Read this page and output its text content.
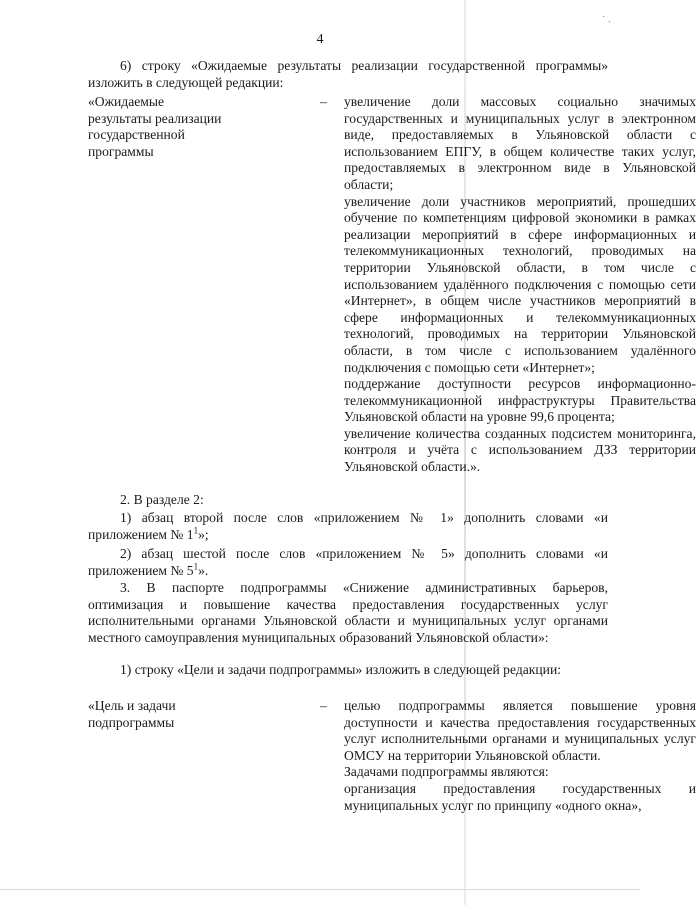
· ˎ
4
6) строку «Ожидаемые результаты реализации государственной программы» изложить в следующей редакции:
«Ожидаемые результаты реализации государственной программы
– увеличение доли массовых социально значимых государственных и муниципальных услуг в электронном виде, предоставляемых в Ульяновской области с использованием ЕПГУ, в общем количестве таких услуг, предоставляемых в электронном виде в Ульяновской области;

увеличение доли участников мероприятий, прошедших обучение по компетенциям цифровой экономики в рамках реализации мероприятий в сфере информационных и телекоммуникационных технологий, проводимых на территории Ульяновской области, в том числе с использованием удалённого подключения с помощью сети «Интернет», в общем числе участников мероприятий в сфере информационных и телекоммуникационных технологий, проводимых на территории Ульяновской области, в том числе с использованием удалённого подключения с помощью сети «Интернет»;

поддержание доступности ресурсов информационно-телекоммуникационной инфраструктуры Правительства Ульяновской области на уровне 99,6 процента;

увеличение количества созданных подсистем мониторинга, контроля и учёта с использованием ДЗЗ территории Ульяновской области.».

2. В разделе 2:
1) абзац второй после слов «приложением № 1» дополнить словами «и приложением № $1^1$»;
2) абзац шестой после слов «приложением № 5» дополнить словами «и приложением № $5^1$».
3. В паспорте подпрограммы «Снижение административных барьеров, оптимизация и повышение качества предоставления государственных услуг исполнительными органами Ульяновской области и муниципальных услуг органами местного самоуправления муниципальных образований Ульяновской области»:
1) строку «Цели и задачи подпрограммы» изложить в следующей редакции:
«Цель и задачи подпрограммы
– целью подпрограммы является повышение уровня доступности и качества предоставления государственных услуг исполнительными органами и муниципальных услуг ОМСУ на территории Ульяновской области.

Задачами подпрограммы являются:

организация предоставления государственных и муниципальных услуг по принципу «одного окна»,
